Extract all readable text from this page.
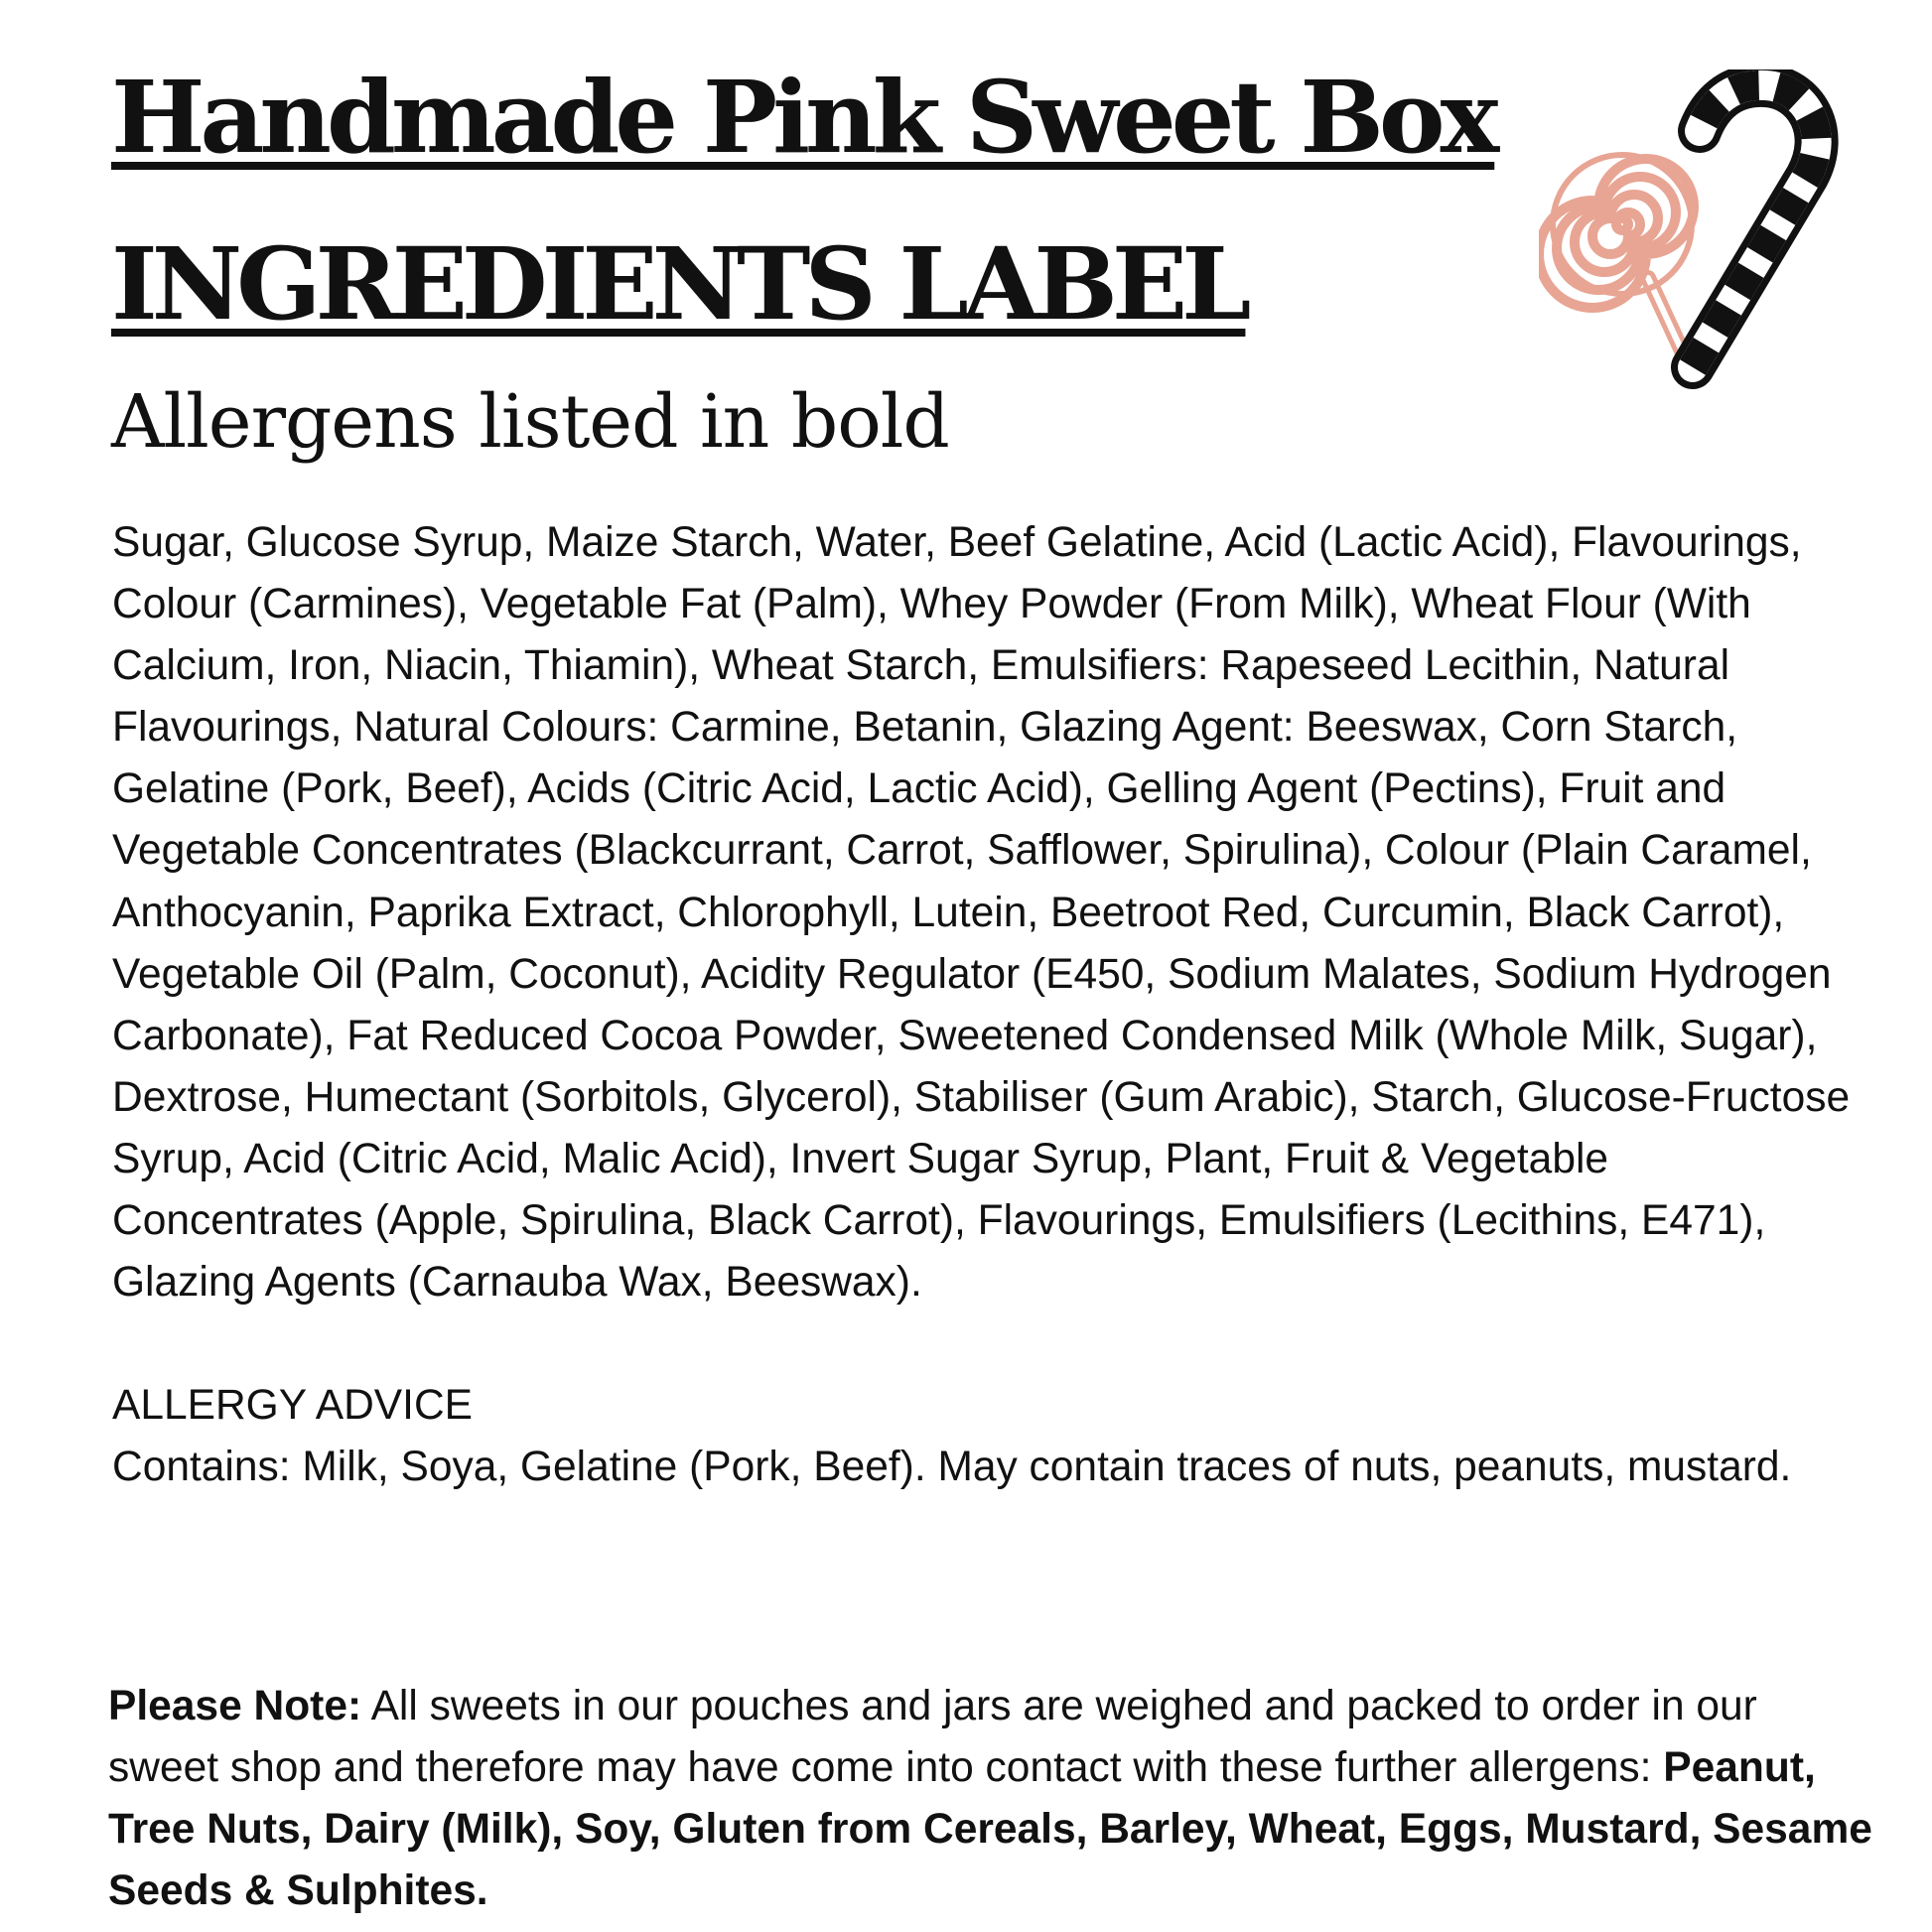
Handmade Pink Sweet Box
INGREDIENTS LABEL
Allergens listed in bold

Sugar, Glucose Syrup, Maize Starch, Water, Beef Gelatine, Acid (Lactic Acid), Flavourings, Colour (Carmines), Vegetable Fat (Palm), Whey Powder (From Milk), Wheat Flour (With Calcium, Iron, Niacin, Thiamin), Wheat Starch, Emulsifiers: Rapeseed Lecithin, Natural Flavourings, Natural Colours: Carmine, Betanin, Glazing Agent: Beeswax, Corn Starch, Gelatine (Pork, Beef), Acids (Citric Acid, Lactic Acid), Gelling Agent (Pectins), Fruit and Vegetable Concentrates (Blackcurrant, Carrot, Safflower, Spirulina), Colour (Plain Caramel, Anthocyanin, Paprika Extract, Chlorophyll, Lutein, Beetroot Red, Curcumin, Black Carrot), Vegetable Oil (Palm, Coconut), Acidity Regulator (E450, Sodium Malates, Sodium Hydrogen Carbonate), Fat Reduced Cocoa Powder, Sweetened Condensed Milk (Whole Milk, Sugar), Dextrose, Humectant (Sorbitols, Glycerol), Stabiliser (Gum Arabic), Starch, Glucose-Fructose Syrup, Acid (Citric Acid, Malic Acid), Invert Sugar Syrup, Plant, Fruit & Vegetable Concentrates (Apple, Spirulina, Black Carrot), Flavourings, Emulsifiers (Lecithins, E471), Glazing Agents (Carnauba Wax, Beeswax).

ALLERGY ADVICE

Contains: Milk, Soya, Gelatine (Pork, Beef). May contain traces of nuts, peanuts, mustard.

Please Note: All sweets in our pouches and jars are weighed and packed to order in our sweet shop and therefore may have come into contact with these further allergens: Peanut, Tree Nuts, Dairy (Milk), Soy, Gluten from Cereals, Barley, Wheat, Eggs, Mustard, Sesame Seeds & Sulphites.
